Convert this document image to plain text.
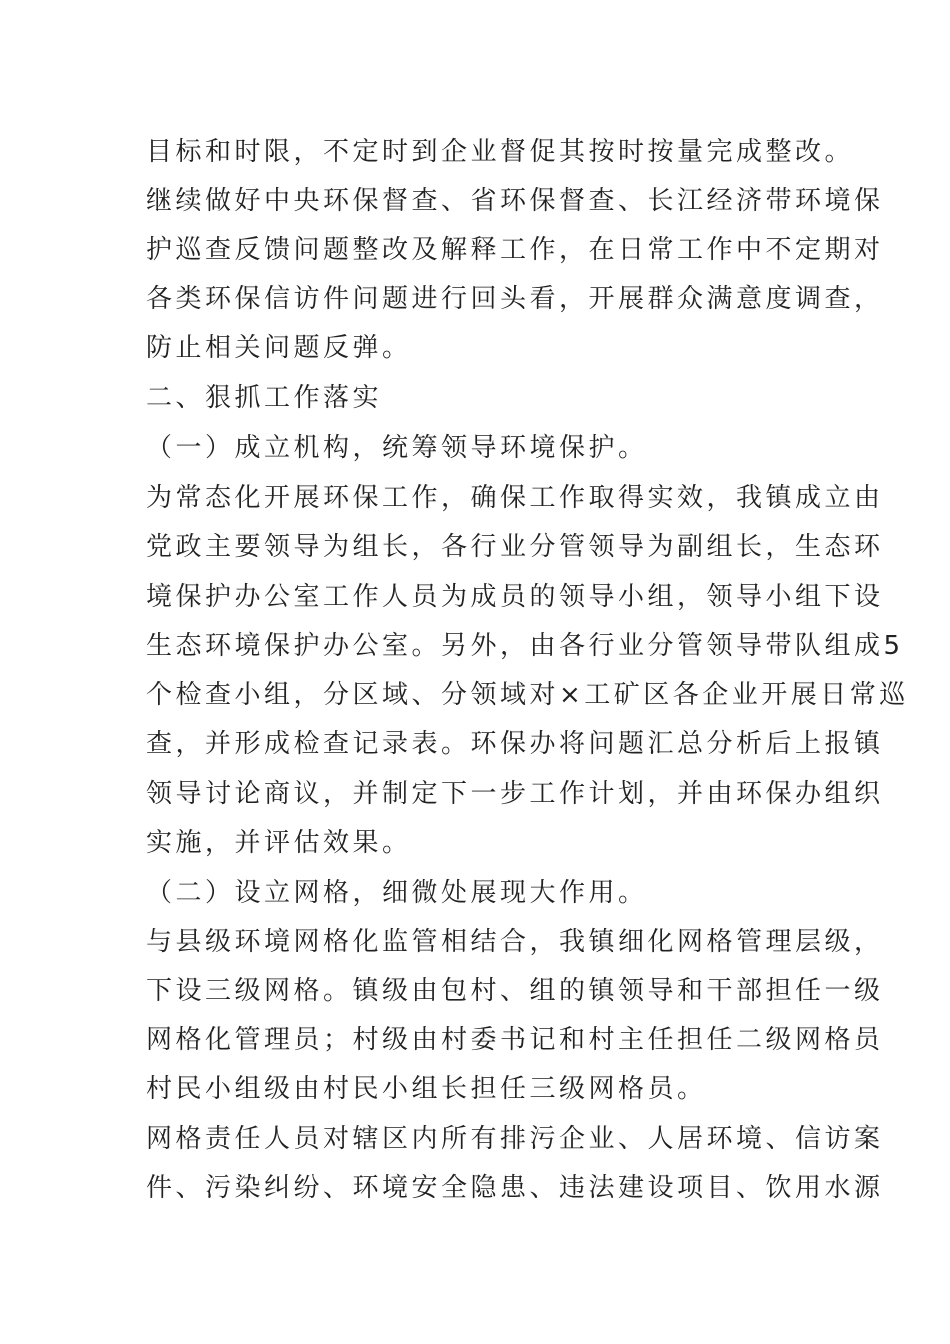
目标和时限，不定时到企业督促其按时按量完成整改。
继续做好中央环保督查、省环保督查、长江经济带环境保
护巡查反馈问题整改及解释工作，在日常工作中不定期对
各类环保信访件问题进行回头看，开展群众满意度调查，
防止相关问题反弹。
二、狠抓工作落实
（一）成立机构，统筹领导环境保护。
为常态化开展环保工作，确保工作取得实效，我镇成立由
党政主要领导为组长，各行业分管领导为副组长，生态环
境保护办公室工作人员为成员的领导小组，领导小组下设
生态环境保护办公室。另外，由各行业分管领导带队组成5
个检查小组，分区域、分领域对×工矿区各企业开展日常巡
查，并形成检查记录表。环保办将问题汇总分析后上报镇
领导讨论商议，并制定下一步工作计划，并由环保办组织
实施，并评估效果。
（二）设立网格，细微处展现大作用。
与县级环境网格化监管相结合，我镇细化网格管理层级，
下设三级网格。镇级由包村、组的镇领导和干部担任一级
网格化管理员；村级由村委书记和村主任担任二级网格员
村民小组级由村民小组长担任三级网格员。
网格责任人员对辖区内所有排污企业、人居环境、信访案
件、污染纠纷、环境安全隐患、违法建设项目、饮用水源
